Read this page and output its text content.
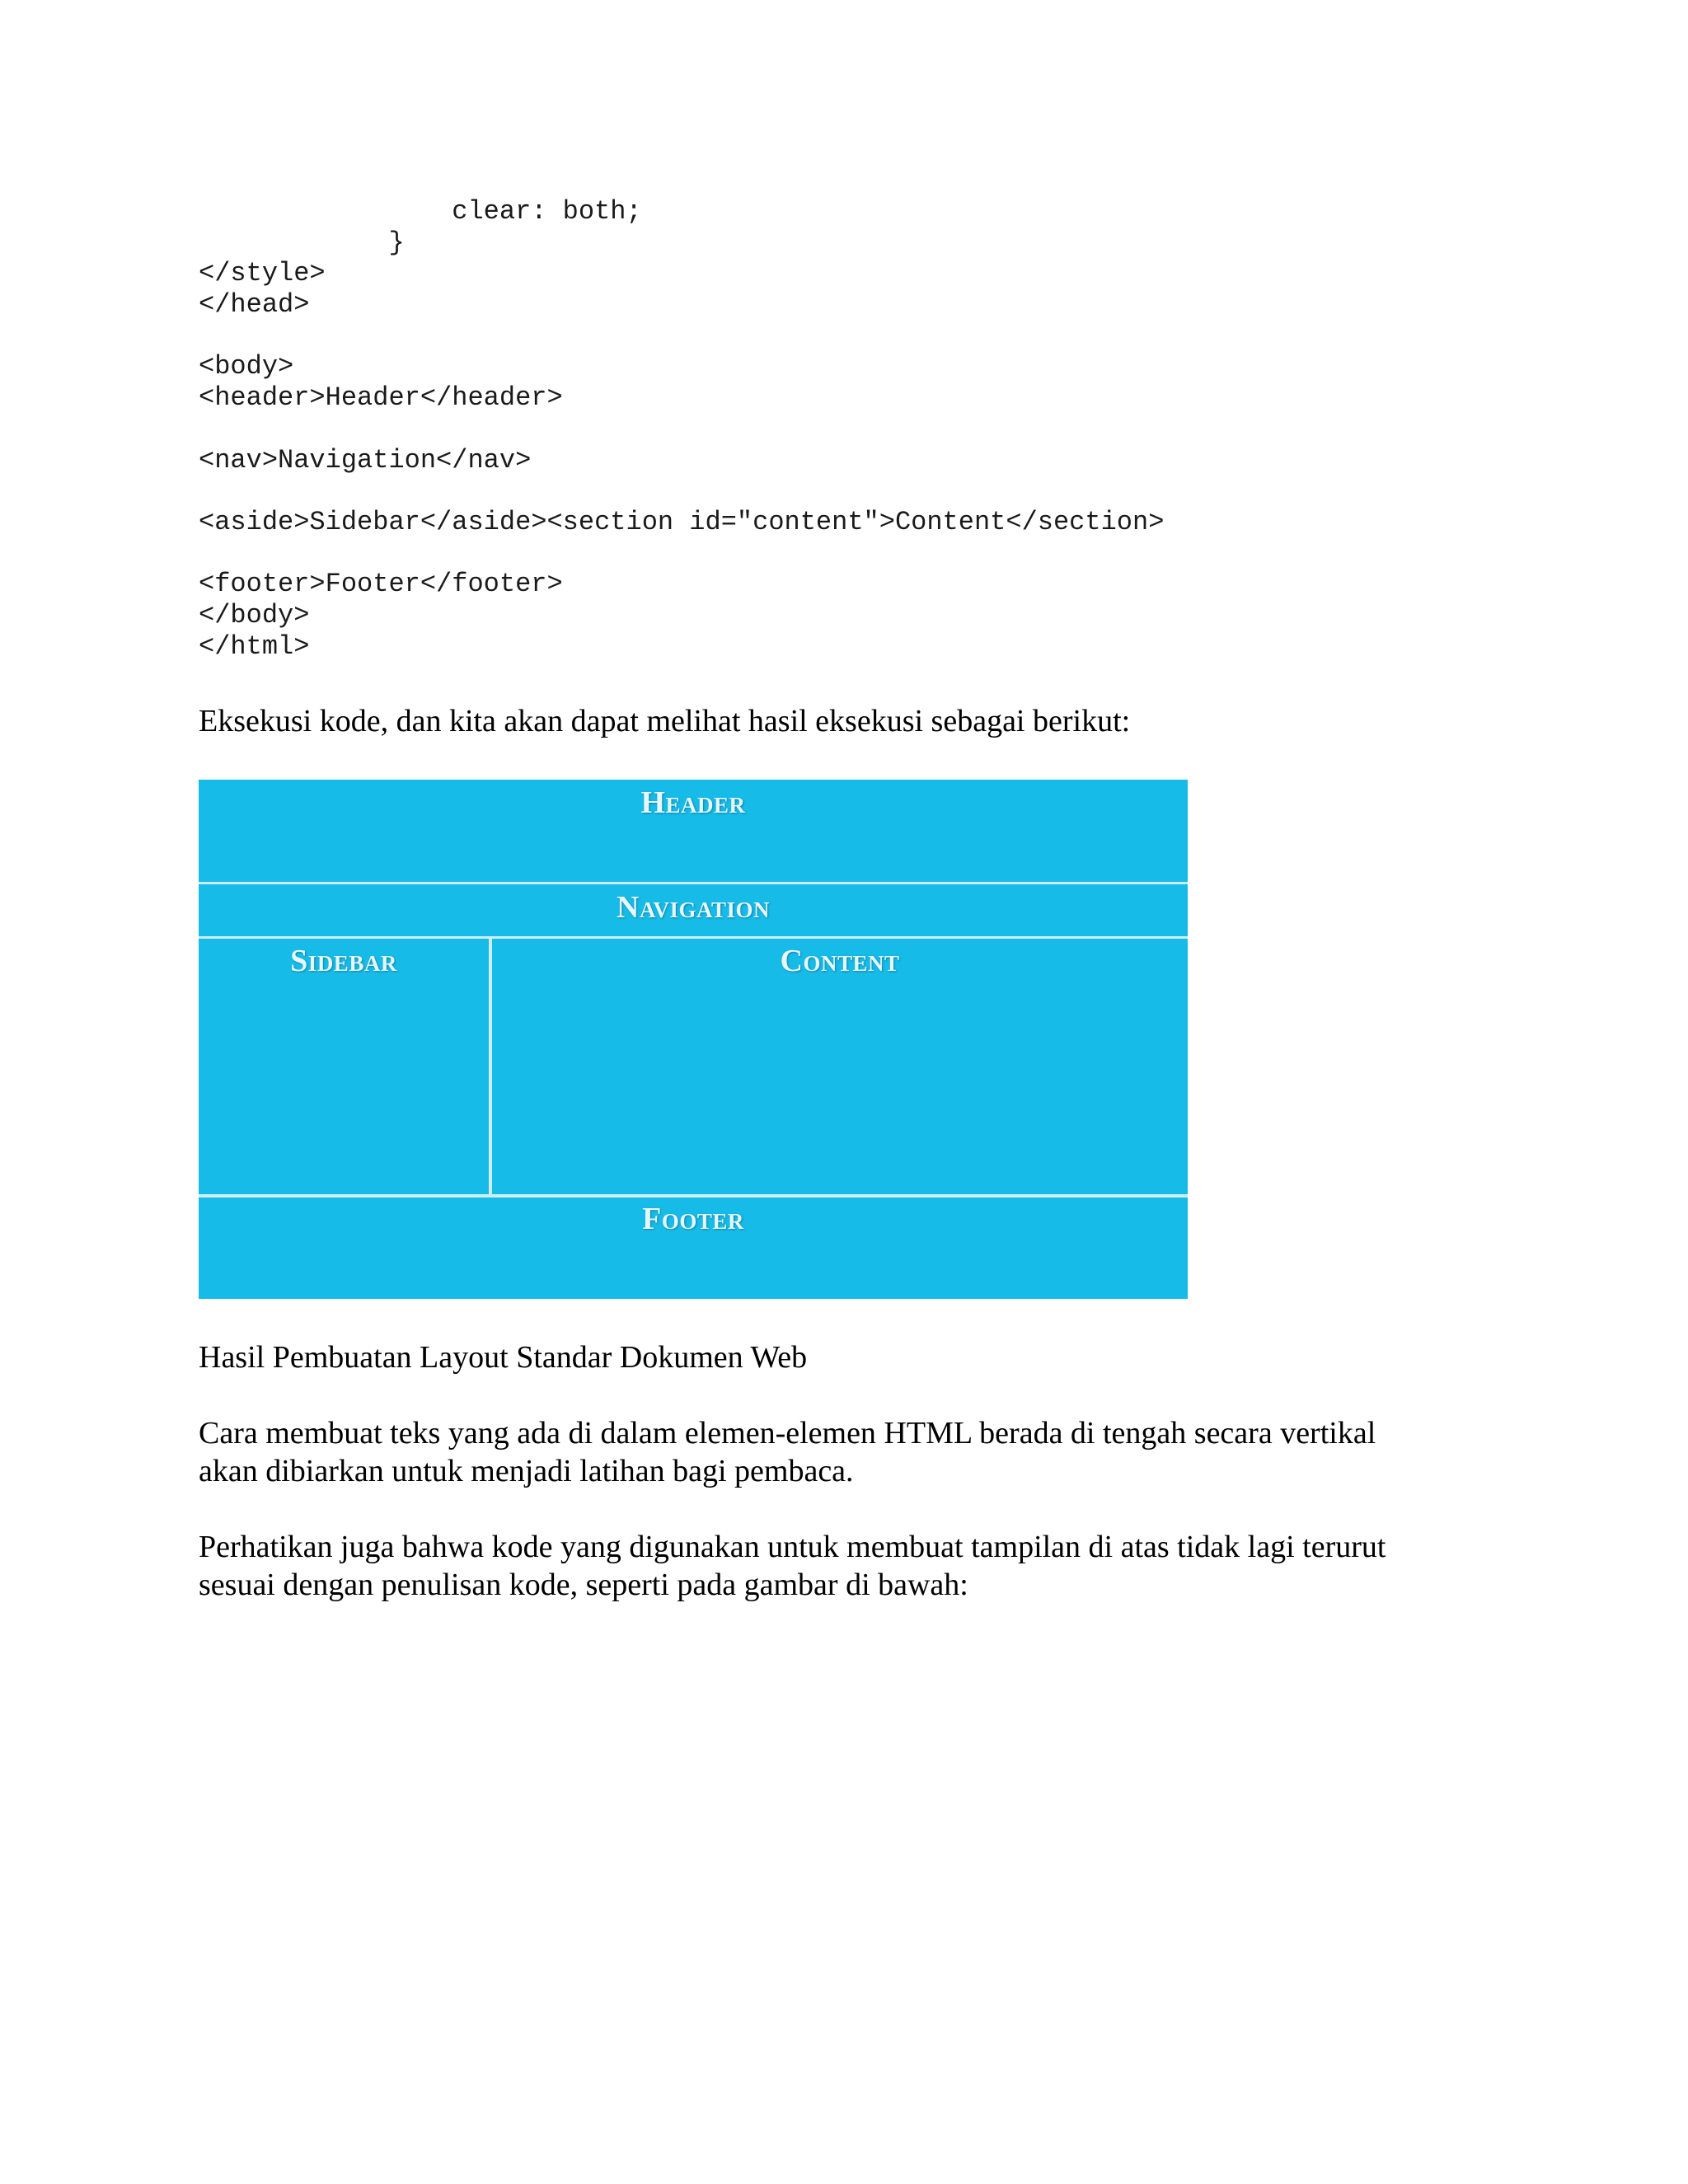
clear: both;
}
</style>
</head>
<body>
<header>Header</header>
<nav>Navigation</nav>
<aside>Sidebar</aside><section id="content">Content</section>
<footer>Footer</footer>
</body>
</html>

Eksekusi kode, dan kita akan dapat melihat hasil eksekusi sebagai berikut:

Header
Navigation
Sidebar	Content
Footer

Hasil Pembuatan Layout Standar Dokumen Web

Cara membuat teks yang ada di dalam elemen-elemen HTML berada di tengah secara vertikal

akan dibiarkan untuk menjadi latihan bagi pembaca.

Perhatikan juga bahwa kode yang digunakan untuk membuat tampilan di atas tidak lagi terurut

sesuai dengan penulisan kode, seperti pada gambar di bawah:
